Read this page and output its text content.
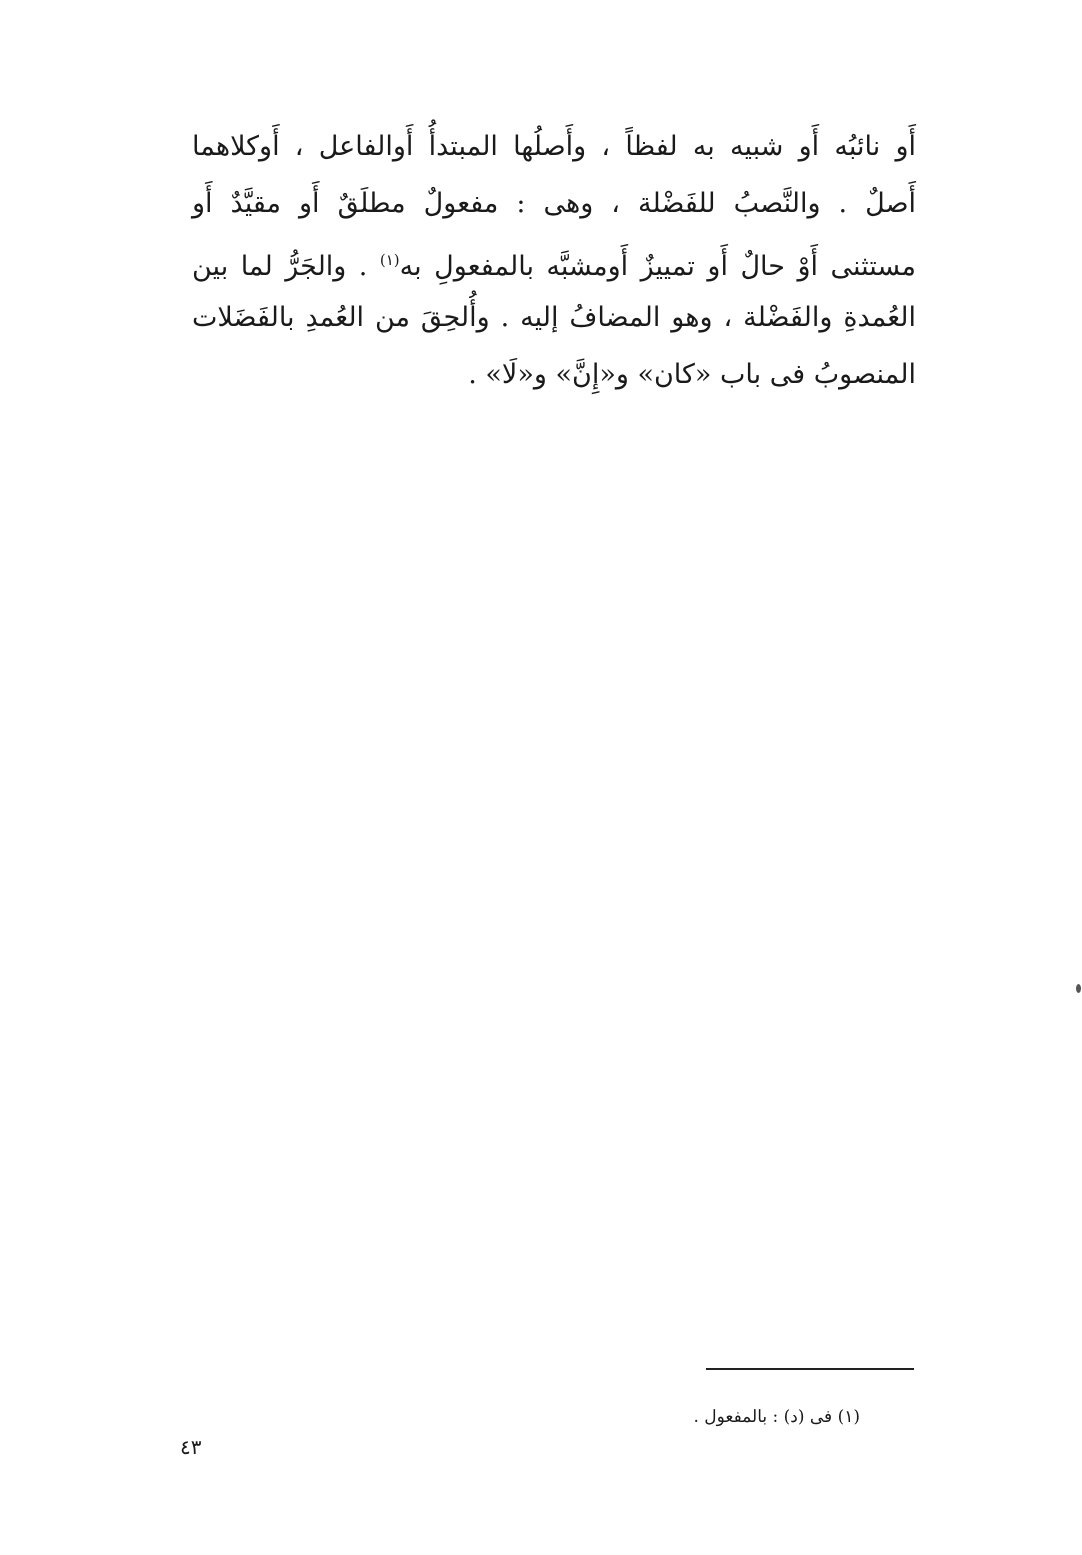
أَو نائبُه أَو شبيه به لفظاً ، وأَصلُها المبتدأُ أَوالفاعل ، أَوكلاهما
أَصلٌ . والنَّصبُ للفَضْلة ، وهى : مفعولٌ مطلَقٌ أَو مقيَّدٌ أَو
مستثنى أَوْ حالٌ أَو تمييزٌ أَومشبَّه بالمفعولِ به$^{(١)}$ . والجَرُّ لما بين
العُمدةِ والفَضْلة ، وهو المضافُ إليه . وأُلحِقَ من العُمدِ بالفَضَلات
المنصوبُ فى باب «كان» و«إِنَّ» و«لَا» .
(١) فى (د) : بالمفعول .
٤٣
